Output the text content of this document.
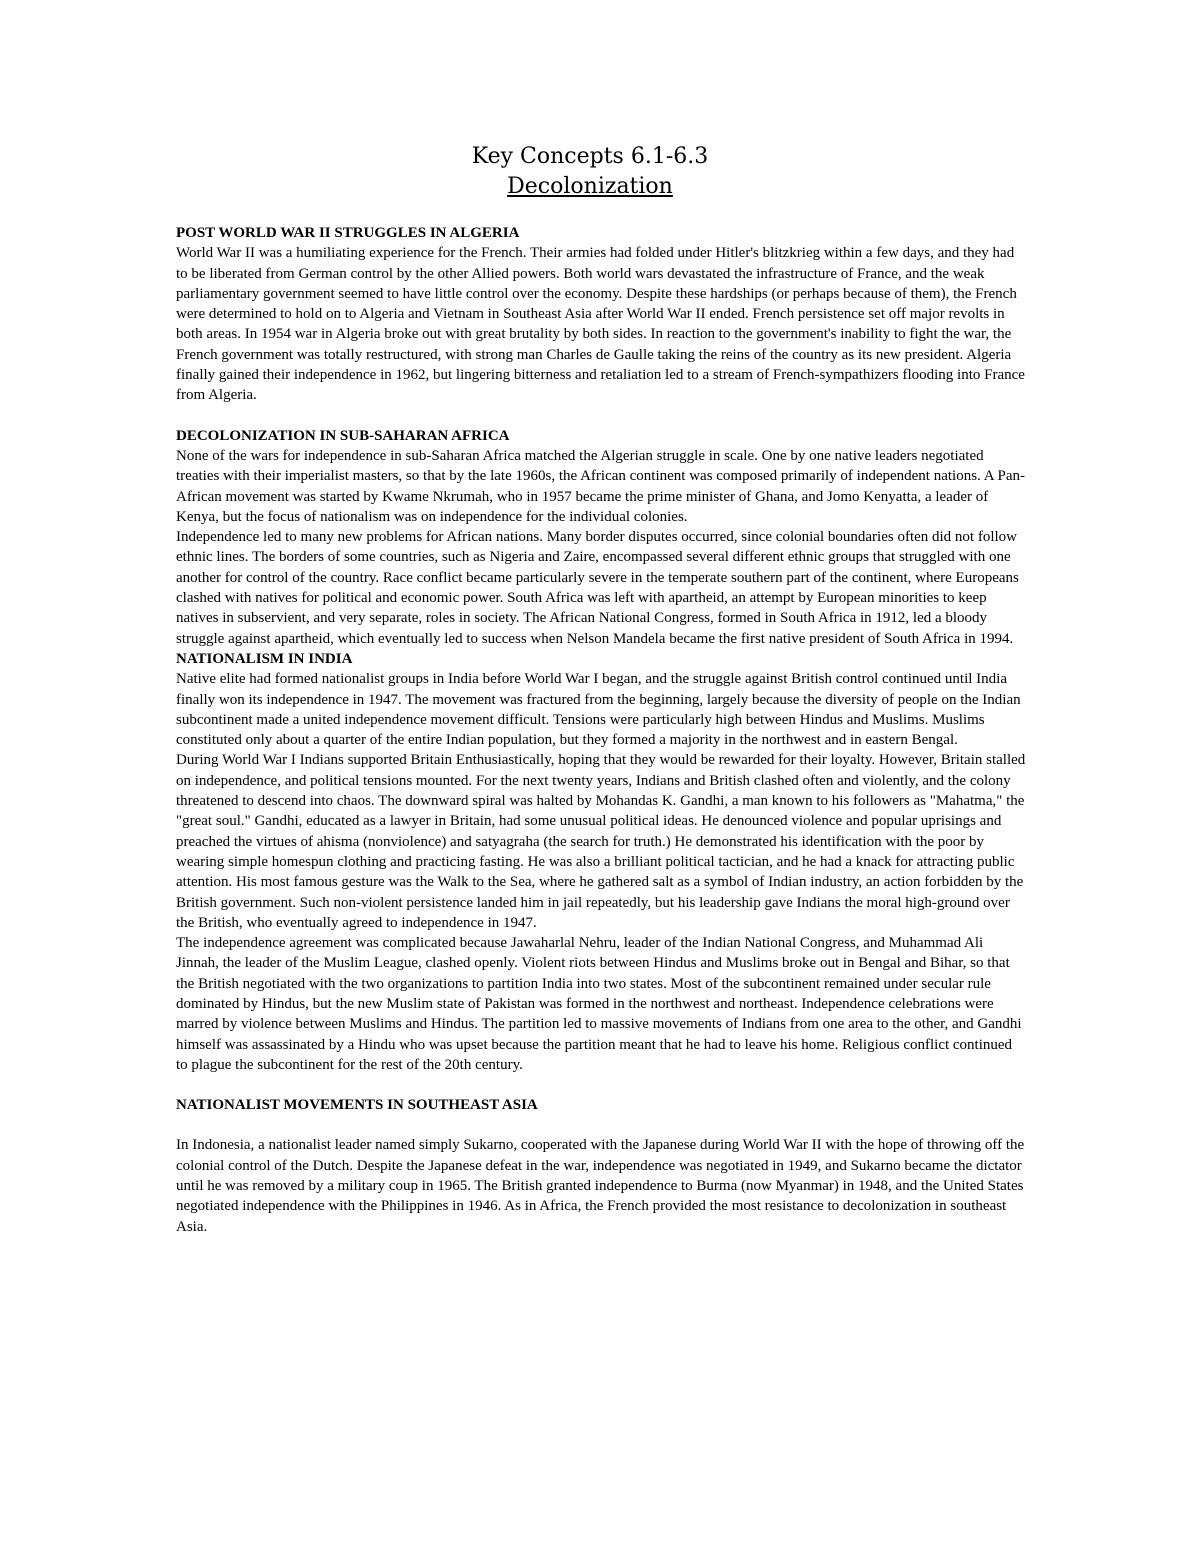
Key Concepts 6.1-6.3
Decolonization
POST WORLD WAR II STRUGGLES IN ALGERIA

World War II was a humiliating experience for the French. Their armies had folded under Hitler's blitzkrieg within a few days, and they had to be liberated from German control by the other Allied powers. Both world wars devastated the infrastructure of France, and the weak parliamentary government seemed to have little control over the economy. Despite these hardships (or perhaps because of them), the French were determined to hold on to Algeria and Vietnam in Southeast Asia after World War II ended. French persistence set off major revolts in both areas. In 1954 war in Algeria broke out with great brutality by both sides. In reaction to the government's inability to fight the war, the French government was totally restructured, with strong man Charles de Gaulle taking the reins of the country as its new president. Algeria finally gained their independence in 1962, but lingering bitterness and retaliation led to a stream of French-sympathizers flooding into France from Algeria.

DECOLONIZATION IN SUB-SAHARAN AFRICA

None of the wars for independence in sub-Saharan Africa matched the Algerian struggle in scale. One by one native leaders negotiated treaties with their imperialist masters, so that by the late 1960s, the African continent was composed primarily of independent nations. A Pan-African movement was started by Kwame Nkrumah, who in 1957 became the prime minister of Ghana, and Jomo Kenyatta, a leader of Kenya, but the focus of nationalism was on independence for the individual colonies.

Independence led to many new problems for African nations. Many border disputes occurred, since colonial boundaries often did not follow ethnic lines. The borders of some countries, such as Nigeria and Zaire, encompassed several different ethnic groups that struggled with one another for control of the country. Race conflict became particularly severe in the temperate southern part of the continent, where Europeans clashed with natives for political and economic power. South Africa was left with apartheid, an attempt by European minorities to keep natives in subservient, and very separate, roles in society. The African National Congress, formed in South Africa in 1912, led a bloody struggle against apartheid, which eventually led to success when Nelson Mandela became the first native president of South Africa in 1994.

NATIONALISM IN INDIA

Native elite had formed nationalist groups in India before World War I began, and the struggle against British control continued until India finally won its independence in 1947. The movement was fractured from the beginning, largely because the diversity of people on the Indian subcontinent made a united independence movement difficult. Tensions were particularly high between Hindus and Muslims. Muslims constituted only about a quarter of the entire Indian population, but they formed a majority in the northwest and in eastern Bengal.

During World War I Indians supported Britain Enthusiastically, hoping that they would be rewarded for their loyalty. However, Britain stalled on independence, and political tensions mounted. For the next twenty years, Indians and British clashed often and violently, and the colony threatened to descend into chaos. The downward spiral was halted by Mohandas K. Gandhi, a man known to his followers as "Mahatma," the "great soul." Gandhi, educated as a lawyer in Britain, had some unusual political ideas. He denounced violence and popular uprisings and preached the virtues of ahisma (nonviolence) and satyagraha (the search for truth.) He demonstrated his identification with the poor by wearing simple homespun clothing and practicing fasting. He was also a brilliant political tactician, and he had a knack for attracting public attention. His most famous gesture was the Walk to the Sea, where he gathered salt as a symbol of Indian industry, an action forbidden by the British government. Such non-violent persistence landed him in jail repeatedly, but his leadership gave Indians the moral high-ground over the British, who eventually agreed to independence in 1947.

The independence agreement was complicated because Jawaharlal Nehru, leader of the Indian National Congress, and Muhammad Ali Jinnah, the leader of the Muslim League, clashed openly. Violent riots between Hindus and Muslims broke out in Bengal and Bihar, so that the British negotiated with the two organizations to partition India into two states. Most of the subcontinent remained under secular rule dominated by Hindus, but the new Muslim state of Pakistan was formed in the northwest and northeast. Independence celebrations were marred by violence between Muslims and Hindus. The partition led to massive movements of Indians from one area to the other, and Gandhi himself was assassinated by a Hindu who was upset because the partition meant that he had to leave his home. Religious conflict continued to plague the subcontinent for the rest of the 20th century.

NATIONALIST MOVEMENTS IN SOUTHEAST ASIA

In Indonesia, a nationalist leader named simply Sukarno, cooperated with the Japanese during World War II with the hope of throwing off the colonial control of the Dutch. Despite the Japanese defeat in the war, independence was negotiated in 1949, and Sukarno became the dictator until he was removed by a military coup in 1965. The British granted independence to Burma (now Myanmar) in 1948, and the United States negotiated independence with the Philippines in 1946. As in Africa, the French provided the most resistance to decolonization in southeast Asia.
